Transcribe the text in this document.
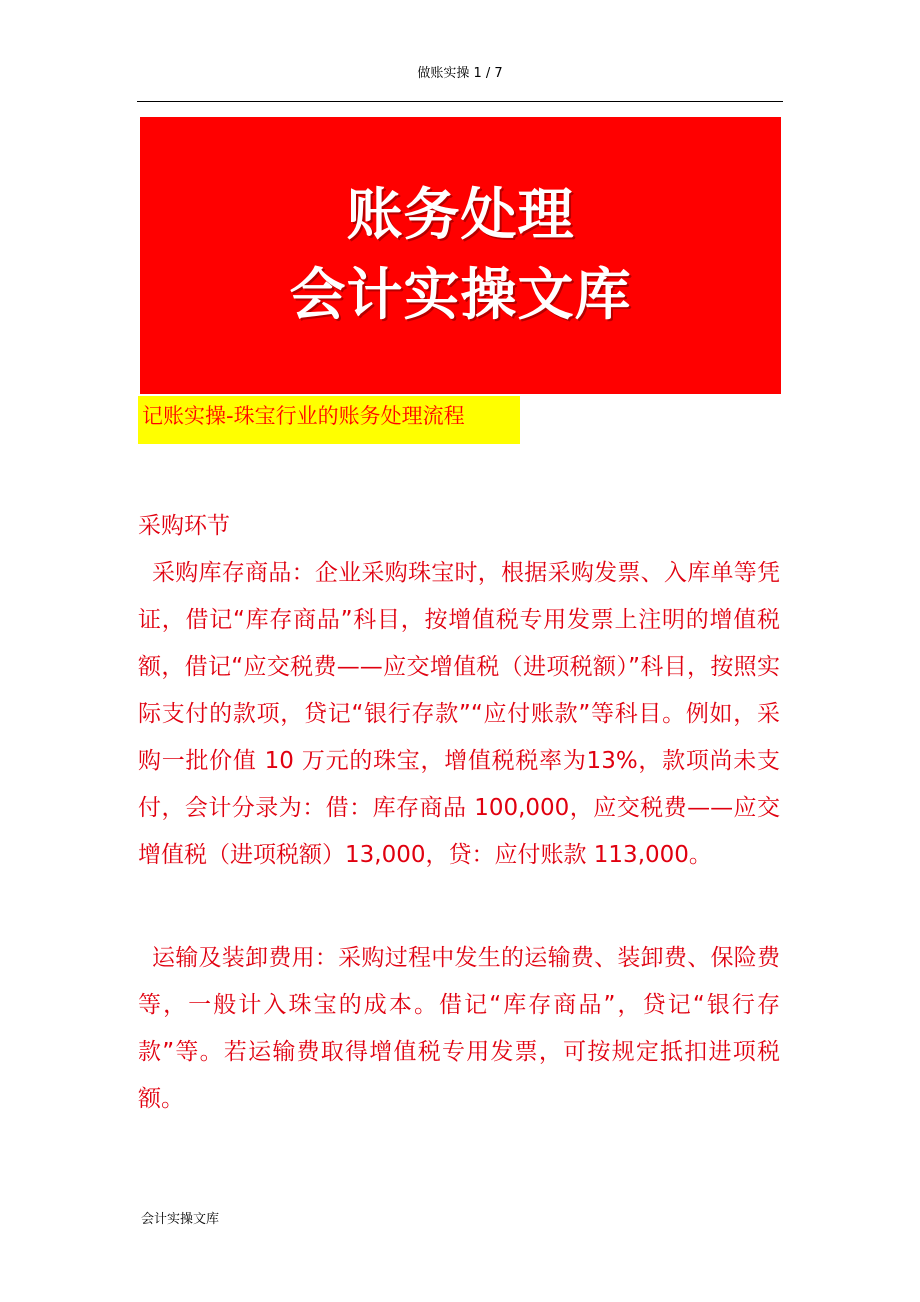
做账实操 1 / 7
账务处理
会计实操文库
记账实操-珠宝行业的账务处理流程
采购环节
采购库存商品：企业采购珠宝时，根据采购发票、入库单等凭证，借记“库存商品”科目，按增值税专用发票上注明的增值税额，借记“应交税费——应交增值税（进项税额）”科目，按照实际支付的款项，贷记“银行存款”“应付账款”等科目。例如，采购一批价值 10 万元的珠宝，增值税税率为13%，款项尚未支付，会计分录为：借：库存商品 100,000，应交税费——应交增值税（进项税额）13,000，贷：应付账款 113,000。
运输及装卸费用：采购过程中发生的运输费、装卸费、保险费等，一般计入珠宝的成本。借记“库存商品”，贷记“银行存款”等。若运输费取得增值税专用发票，可按规定抵扣进项税额。
会计实操文库
